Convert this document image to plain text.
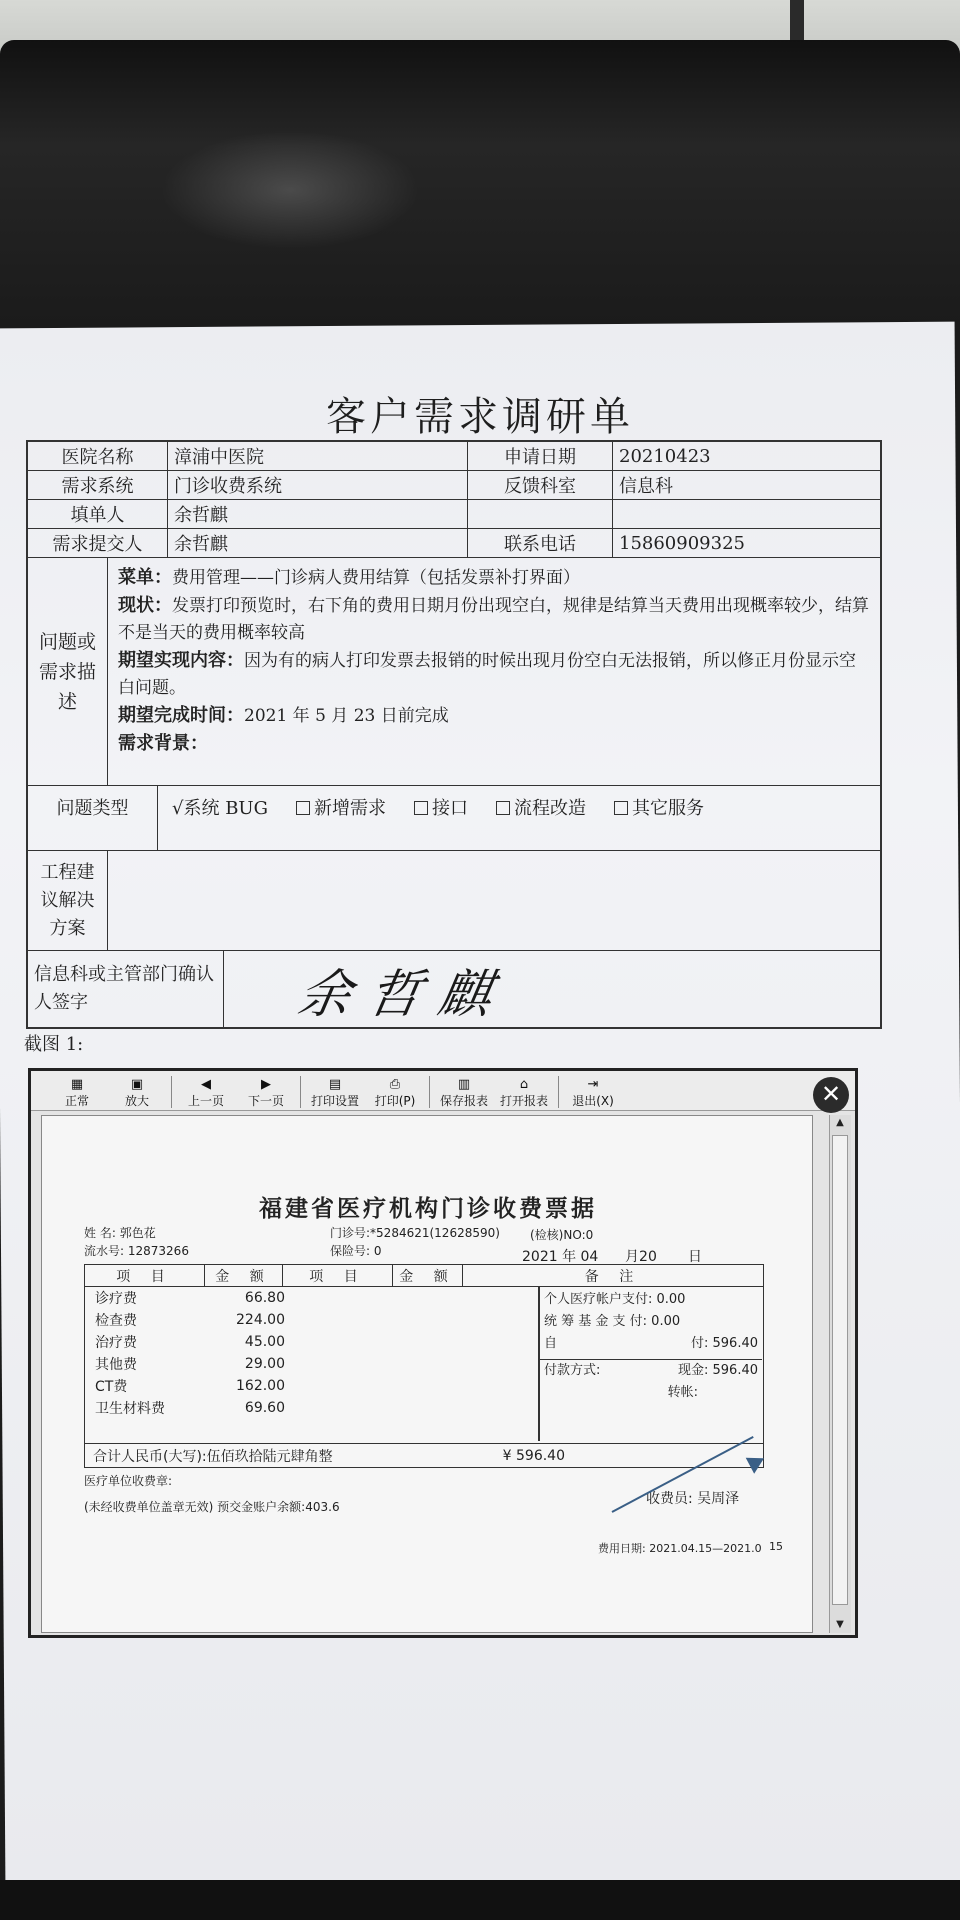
客户需求调研单
医院名称	漳浦中医院	申请日期	20210423
需求系统	门诊收费系统	反馈科室	信息科
填单人	余哲麒
需求提交人	余哲麒	联系电话	15860909325
问题或需求描述
菜单：费用管理——门诊病人费用结算（包括发票补打界面）
现状：发票打印预览时，右下角的费用日期月份出现空白，规律是结算当天费用出现概率较少，结算不是当天的费用概率较高
期望实现内容：因为有的病人打印发票去报销的时候出现月份空白无法报销，所以修正月份显示空白问题。
期望完成时间：2021 年 5 月 23 日前完成
需求背景：
问题类型	√系统 BUG	新增需求	接口	流程改造	其它服务
工程建议解决方案
信息科或主管部门确认人签字	余哲麒
截图 1:
▦
正常
▣
放大
◀
上一页
▶
下一页
▤
打印设置
⎙
打印(P)
▥
保存报表
⌂
打开报表
⇥
退出(X)	✕
福建省医疗机构门诊收费票据
姓 名: 郭色花
流水号: 12873266
门诊号:*5284621(12628590)
保险号: 0
(检核)NO:0
2021 年 04 月20 日
项 目	金 额	项 目	金 额	备 注
诊疗费	66.80
检查费	224.00
治疗费	45.00
其他费	29.00
CT费	162.00
卫生材料费	69.60
个人医疗帐户支付: 0.00
统 筹 基 金 支 付: 0.00
自	付: 596.40
付款方式:	现金: 596.40
转帐:
合计人民币(大写):伍佰玖拾陆元肆角整	¥ 596.40
医疗单位收费章:
收费员: 吴周泽
(未经收费单位盖章无效) 预交金账户余额:403.6
费用日期: 2021.04.15—2021.0 15
▲
▼
